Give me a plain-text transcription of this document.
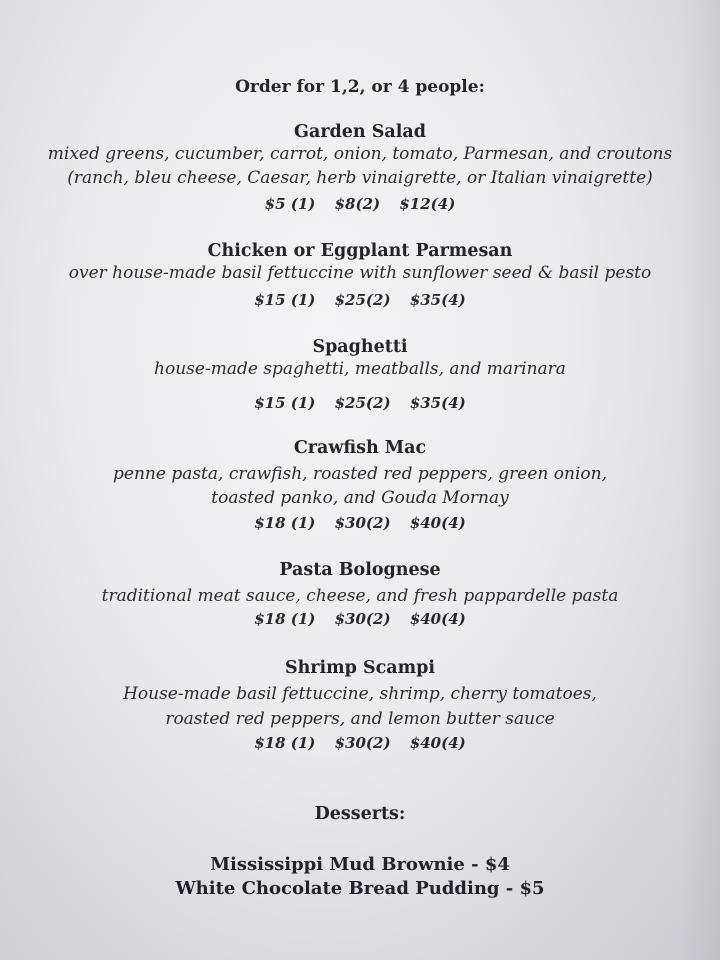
Order for 1,2, or 4 people:
Garden Salad
mixed greens, cucumber, carrot, onion, tomato, Parmesan, and croutons
(ranch, bleu cheese, Caesar, herb vinaigrette, or Italian vinaigrette)
$5 (1) $8(2) $12(4)
Chicken or Eggplant Parmesan
over house-made basil fettuccine with sunflower seed & basil pesto
$15 (1) $25(2) $35(4)
Spaghetti
house-made spaghetti, meatballs, and marinara
$15 (1) $25(2) $35(4)
Crawfish Mac
penne pasta, crawfish, roasted red peppers, green onion,
toasted panko, and Gouda Mornay
$18 (1) $30(2) $40(4)
Pasta Bolognese
traditional meat sauce, cheese, and fresh pappardelle pasta
$18 (1) $30(2) $40(4)
Shrimp Scampi
House-made basil fettuccine, shrimp, cherry tomatoes,
roasted red peppers, and lemon butter sauce
$18 (1) $30(2) $40(4)
Desserts:
Mississippi Mud Brownie - $4
White Chocolate Bread Pudding - $5
